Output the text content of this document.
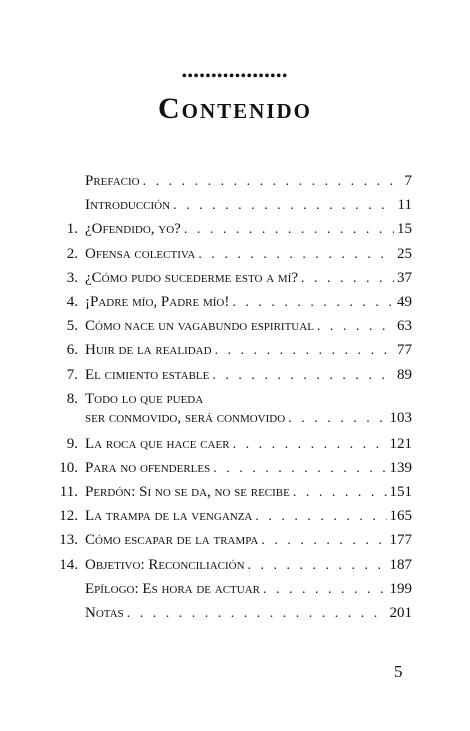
••••••••••••••••••
Contenido
Prefacio . . .	7
Introducción . . .	11
1. ¿Ofendido, yo? . . .	15
2. Ofensa colectiva . . .	25
3. ¿Cómo pudo sucederme esto a mí? . . .	37
4. ¡Padre mío, Padre mío! . . .	49
5. Cómo nace un vagabundo espiritual . . .	63
6. Huir de la realidad . . .	77
7. El cimiento estable . . .	89
8. Todo lo que pueda
ser conmovido, será conmovido . . .	103
9. La roca que hace caer . . .	121
10. Para no ofenderles . . .	139
11. Perdón: Si no se da, no se recibe . . .	151
12. La trampa de la venganza . . .	165
13. Cómo escapar de la trampa . . .	177
14. Objetivo: Reconciliación . . .	187
Epílogo: Es hora de actuar . . .	199
Notas . . .	201
5
